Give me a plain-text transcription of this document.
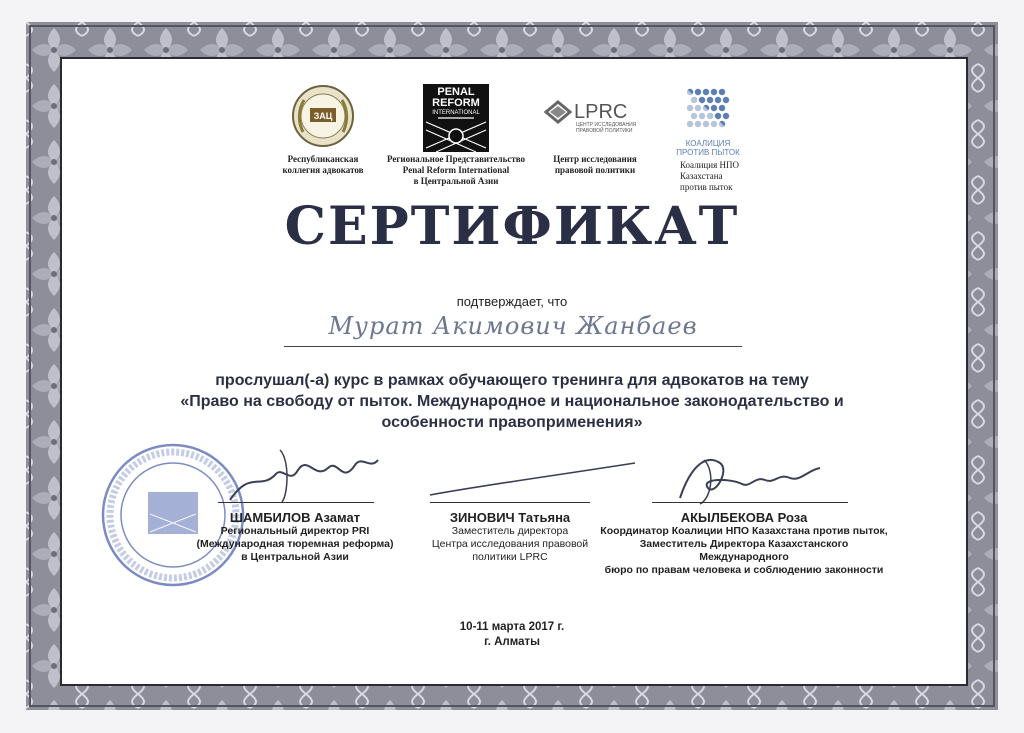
ЗАЦ
Республиканская
коллегия адвокатов
PENAL
REFORM
INTERNATIONAL
Региональное Представительство
Penal Reform International
в Центральной Азии
LPRC
ЦЕНТР ИССЛЕДОВАНИЯ
ПРАВОВОЙ ПОЛИТИКИ
Центр исследования
правовой политики
КОАЛИЦИЯ
ПРОТИВ ПЫТОК
Коалиция НПО
Казахстана
против пыток
СЕРТИФИКАТ
подтверждает, что
Мурат Акимович Жанбаев
прослушал(-а) курс в рамках обучающего тренинга для адвокатов на тему
«Право на свободу от пыток. Международное и национальное законодательство и
особенности правоприменения»
ШАМБИЛОВ Азамат
Региональный директор PRI
(Международная тюремная реформа)
в Центральной Азии
ЗИНОВИЧ Татьяна
Заместитель директора
Центра исследования правовой
политики LPRC
АКЫЛБЕКОВА Роза
Координатор Коалиции НПО Казахстана против пыток,
Заместитель Директора Казахстанского Международного
бюро по правам человека и соблюдению законности
10-11 марта 2017 г.
г. Алматы
